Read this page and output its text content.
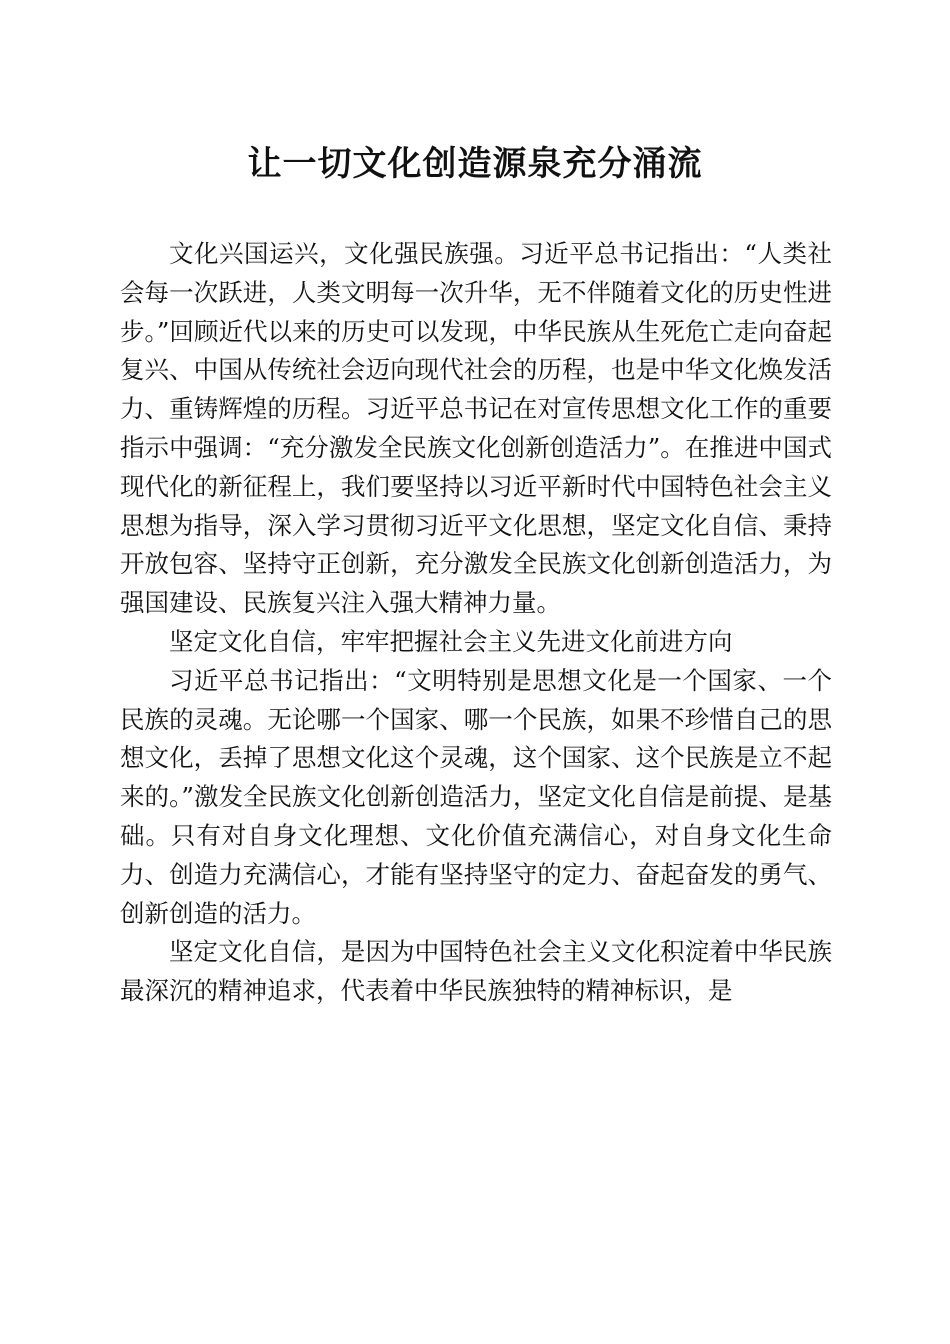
让一切文化创造源泉充分涌流

文化兴国运兴，文化强民族强。习近平总书记指出：“人类社会每一次跃进，人类文明每一次升华，无不伴随着文化的历史性进步。”回顾近代以来的历史可以发现，中华民族从生死危亡走向奋起复兴、中国从传统社会迈向现代社会的历程，也是中华文化焕发活力、重铸辉煌的历程。习近平总书记在对宣传思想文化工作的重要指示中强调：“充分激发全民族文化创新创造活力”。在推进中国式现代化的新征程上，我们要坚持以习近平新时代中国特色社会主义思想为指导，深入学习贯彻习近平文化思想，坚定文化自信、秉持开放包容、坚持守正创新，充分激发全民族文化创新创造活力，为强国建设、民族复兴注入强大精神力量。

坚定文化自信，牢牢把握社会主义先进文化前进方向

习近平总书记指出：“文明特别是思想文化是一个国家、一个民族的灵魂。无论哪一个国家、哪一个民族，如果不珍惜自己的思想文化，丢掉了思想文化这个灵魂，这个国家、这个民族是立不起来的。”激发全民族文化创新创造活力，坚定文化自信是前提、是基础。只有对自身文化理想、文化价值充满信心，对自身文化生命力、创造力充满信心，才能有坚持坚守的定力、奋起奋发的勇气、创新创造的活力。

坚定文化自信，是因为中国特色社会主义文化积淀着中华民族最深沉的精神追求，代表着中华民族独特的精神标识，是
